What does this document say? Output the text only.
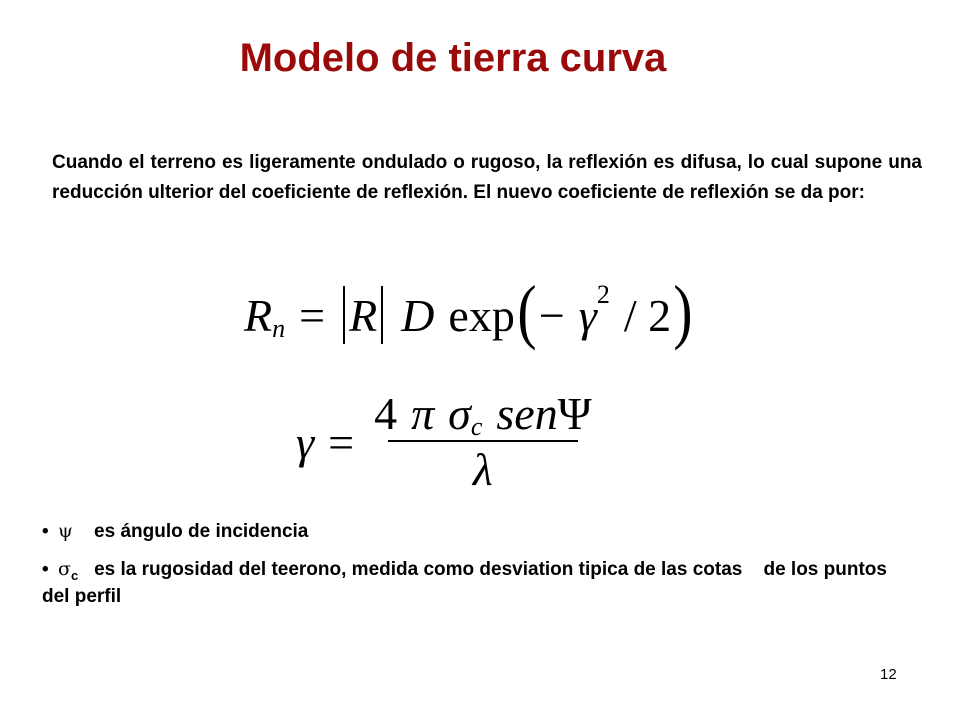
Modelo de tierra curva
Cuando el terreno es ligeramente ondulado o rugoso, la reflexión es difusa, lo cual supone una reducción ulterior del coeficiente de reflexión. El nuevo coeficiente de reflexión se da por:
R n = R D exp ( − γ 2 / 2 )
γ =
4 π σ c sen Ψ
λ
• ψ es ángulo de incidencia
• $\sigma_c$ es la rugosidad del teerono, medida como desviation tipica de las cotas    de los puntos del perfil
12
